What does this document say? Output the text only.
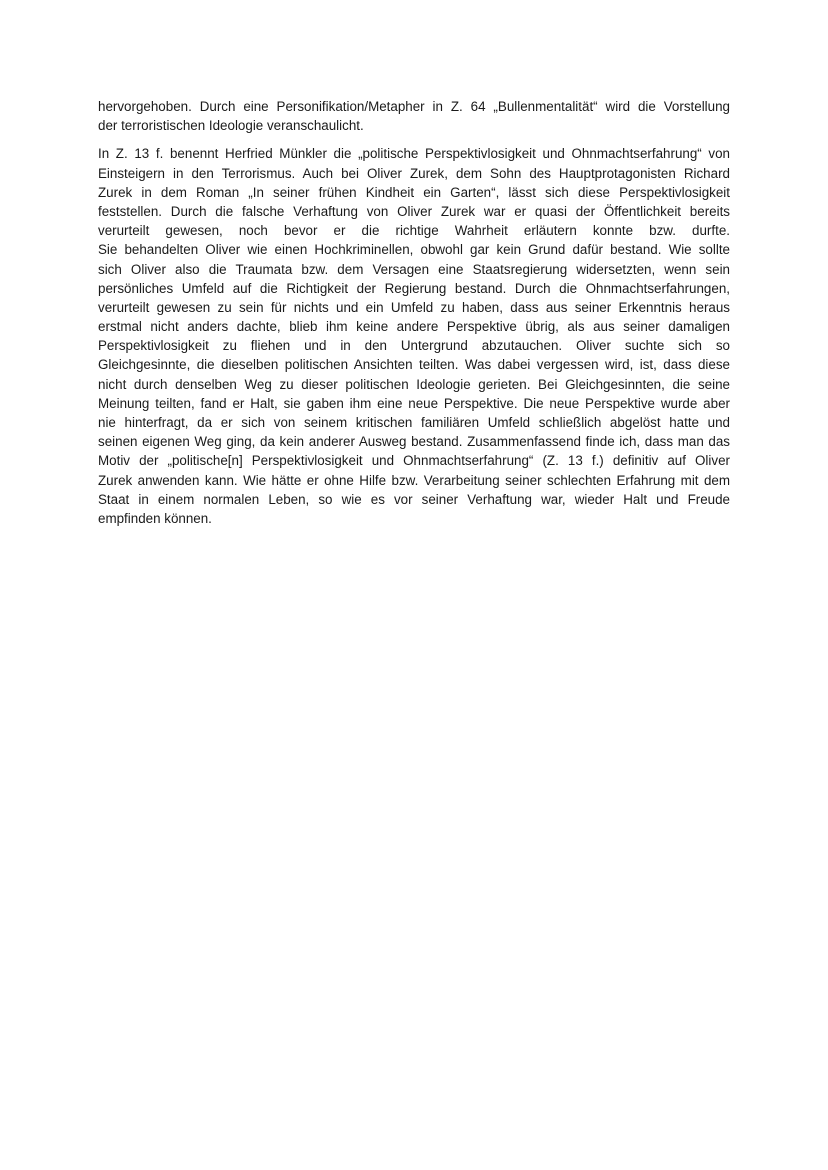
hervorgehoben. Durch eine Personifikation/Metapher in Z. 64 „Bullenmentalität“ wird die Vorstellung
der terroristischen Ideologie veranschaulicht.
In Z. 13 f. benennt Herfried Münkler die „politische Perspektivlosigkeit und Ohnmachtserfahrung“ von
Einsteigern in den Terrorismus. Auch bei Oliver Zurek, dem Sohn des Hauptprotagonisten Richard
Zurek in dem Roman „In seiner frühen Kindheit ein Garten“, lässt sich diese Perspektivlosigkeit
feststellen. Durch die falsche Verhaftung von Oliver Zurek war er quasi der Öffentlichkeit bereits
verurteilt gewesen, noch bevor er die richtige Wahrheit erläutern konnte bzw. durfte.
Sie behandelten Oliver wie einen Hochkriminellen, obwohl gar kein Grund dafür bestand. Wie sollte
sich Oliver also die Traumata bzw. dem Versagen eine Staatsregierung widersetzten, wenn sein
persönliches Umfeld auf die Richtigkeit der Regierung bestand. Durch die Ohnmachtserfahrungen,
verurteilt gewesen zu sein für nichts und ein Umfeld zu haben, dass aus seiner Erkenntnis heraus
erstmal nicht anders dachte, blieb ihm keine andere Perspektive übrig, als aus seiner damaligen
Perspektivlosigkeit zu fliehen und in den Untergrund abzutauchen. Oliver suchte sich so
Gleichgesinnte, die dieselben politischen Ansichten teilten. Was dabei vergessen wird, ist, dass diese
nicht durch denselben Weg zu dieser politischen Ideologie gerieten. Bei Gleichgesinnten, die seine
Meinung teilten, fand er Halt, sie gaben ihm eine neue Perspektive. Die neue Perspektive wurde aber
nie hinterfragt, da er sich von seinem kritischen familiären Umfeld schließlich abgelöst hatte und
seinen eigenen Weg ging, da kein anderer Ausweg bestand. Zusammenfassend finde ich, dass man das
Motiv der „politische[n] Perspektivlosigkeit und Ohnmachtserfahrung“ (Z. 13 f.) definitiv auf Oliver
Zurek anwenden kann. Wie hätte er ohne Hilfe bzw. Verarbeitung seiner schlechten Erfahrung mit dem
Staat in einem normalen Leben, so wie es vor seiner Verhaftung war, wieder Halt und Freude
empfinden können.
